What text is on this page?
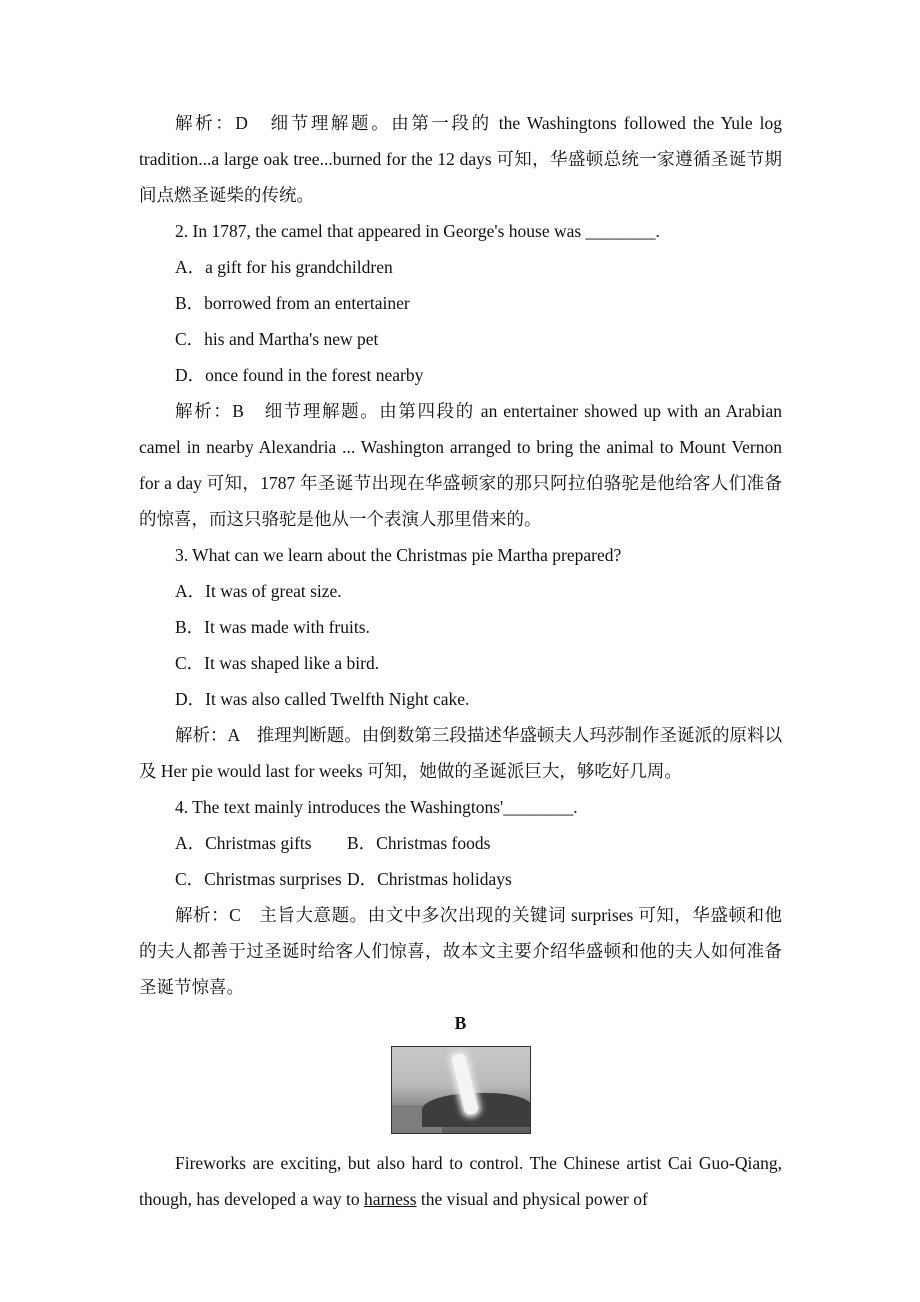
解析：D　细节理解题。由第一段的 the Washingtons followed the Yule log tradition...a large oak tree...burned for the 12 days 可知，华盛顿总统一家遵循圣诞节期间点燃圣诞柴的传统。

2. In 1787, the camel that appeared in George's house was ________.

A．a gift for his grandchildren

B．borrowed from an entertainer

C．his and Martha's new pet

D．once found in the forest nearby

解析：B　细节理解题。由第四段的 an entertainer showed up with an Arabian camel in nearby Alexandria ... Washington arranged to bring the animal to Mount Vernon for a day 可知，1787 年圣诞节出现在华盛顿家的那只阿拉伯骆驼是他给客人们准备的惊喜，而这只骆驼是他从一个表演人那里借来的。

3. What can we learn about the Christmas pie Martha prepared?

A．It was of great size.

B．It was made with fruits.

C．It was shaped like a bird.

D．It was also called Twelfth Night cake.

解析：A　推理判断题。由倒数第三段描述华盛顿夫人玛莎制作圣诞派的原料以及 Her pie would last for weeks 可知，她做的圣诞派巨大，够吃好几周。

4. The text mainly introduces the Washingtons'________.

A．Christmas gifts B．Christmas foods

C．Christmas surprises D．Christmas holidays

解析：C　主旨大意题。由文中多次出现的关键词 surprises 可知，华盛顿和他的夫人都善于过圣诞时给客人们惊喜，故本文主要介绍华盛顿和他的夫人如何准备圣诞节惊喜。

B

Fireworks are exciting, but also hard to control. The Chinese artist Cai Guo-Qiang, though, has developed a way to harness the visual and physical power of
